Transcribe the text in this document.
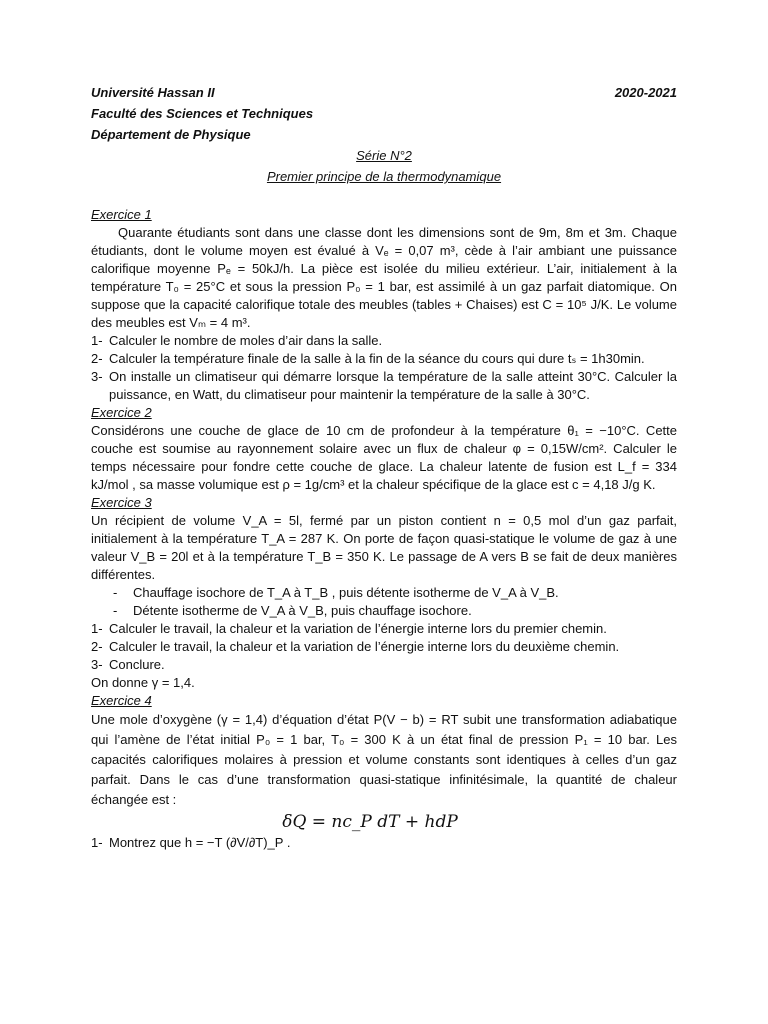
Université Hassan II	2020-2021
Faculté des Sciences et Techniques
Département de Physique
Série N°2
Premier principe de la thermodynamique
Exercice 1

Quarante étudiants sont dans une classe dont les dimensions sont de 9m, 8m et 3m. Chaque étudiants, dont le volume moyen est évalué à Vₑ = 0,07 m³, cède à l’air ambiant une puissance calorifique moyenne Pₑ = 50kJ/h. La pièce est isolée du milieu extérieur. L’air, initialement à la température T₀ = 25°C et sous la pression P₀ = 1 bar, est assimilé à un gaz parfait diatomique. On suppose que la capacité calorifique totale des meubles (tables + Chaises) est C = 10⁵ J/K. Le volume des meubles est Vₘ = 4 m³.

1- Calculer le nombre de moles d’air dans la salle.

2- Calculer la température finale de la salle à la fin de la séance du cours qui dure tₛ = 1h30min.

3- On installe un climatiseur qui démarre lorsque la température de la salle atteint 30°C. Calculer la puissance, en Watt, du climatiseur pour maintenir la température de la salle à 30°C.

Exercice 2

Considérons une couche de glace de 10 cm de profondeur à la température θ₁ = −10°C. Cette couche est soumise au rayonnement solaire avec un flux de chaleur φ = 0,15W/cm². Calculer le temps nécessaire pour fondre cette couche de glace. La chaleur latente de fusion est L_f = 334 kJ/mol , sa masse volumique est ρ = 1g/cm³ et la chaleur spécifique de la glace est c = 4,18 J/g K.

Exercice 3

Un récipient de volume V_A = 5l, fermé par un piston contient n = 0,5 mol d’un gaz parfait, initialement à la température T_A = 287 K. On porte de façon quasi-statique le volume de gaz à une valeur V_B = 20l et à la température T_B = 350 K. Le passage de A vers B se fait de deux manières différentes.

-	Chauffage isochore de T_A à T_B , puis détente isotherme de V_A à V_B.

-	Détente isotherme de V_A à V_B, puis chauffage isochore.

1- Calculer le travail, la chaleur et la variation de l’énergie interne lors du premier chemin.

2- Calculer le travail, la chaleur et la variation de l’énergie interne lors du deuxième chemin.

3- Conclure.

On donne γ = 1,4.

Exercice 4

Une mole d’oxygène (γ = 1,4) d’équation d’état P(V − b) = RT subit une transformation adiabatique qui l’amène de l’état initial P₀ = 1 bar, T₀ = 300 K à un état final de pression P₁ = 10 bar. Les capacités calorifiques molaires à pression et volume constants sont identiques à celles d’un gaz parfait. Dans le cas d’une transformation quasi-statique infinitésimale, la quantité de chaleur échangée est :

δQ = nc_P dT + hdP
1- Montrez que h = −T (∂V/∂T)_P .
